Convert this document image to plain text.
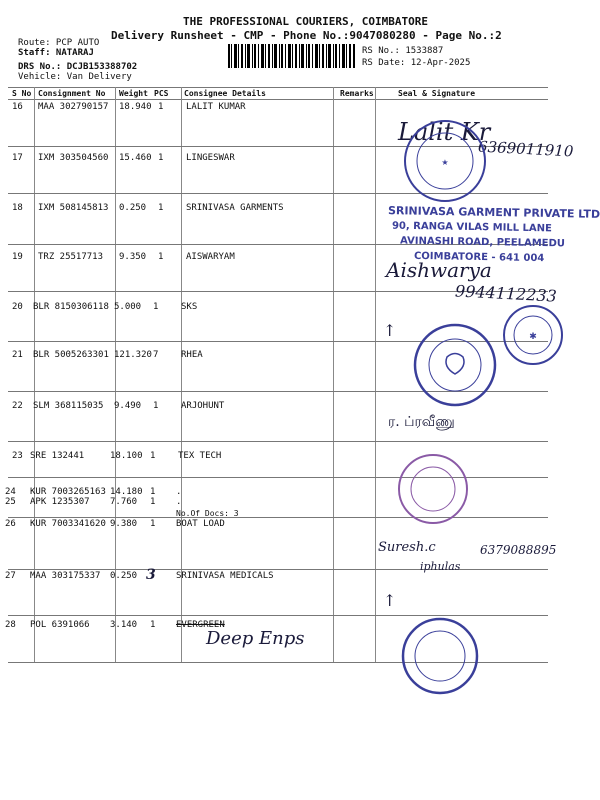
THE PROFESSIONAL COURIERS, COIMBATORE
Delivery Runsheet - CMP - Phone No.:9047080280 - Page No.:2
Route: PCP AUTO
Staff: NATARAJ
DRS No.: DCJB153388702
Vehicle: Van Delivery
RS No.: 1533887
RS Date: 12-Apr-2025
S No Consignment No Weight PCS Consignee Details	Remarks	Seal & Signature
16 MAA 302790157 18.940 1	LALIT KUMAR
17 IXM 303504560 15.460 1	LINGESWAR
18 IXM 508145813 0.250 1	SRINIVASA GARMENTS
19 TRZ 25517713 9.350 1	AISWARYAM
20 BLR 8150306118 5.000 1	SKS
21 BLR 5005263301 121.320 7	RHEA
22 SLM 368115035 9.490 1	ARJOHUNT
23 SRE 132441	18.100 1	TEX TECH
24 KUR 7003265163 14.180 1 .
25 APK 1235307 7.760 1 .
No.Of Docs: 3
26 KUR 7003341620 9.380 1 BOAT LOAD
27 MAA 303175337 0.250	SRINIVASA MEDICALS
3
28 POL 6391066 3.140 1 EVERGREEN
Lalit Kr
6369011910
Aishwarya
9944112233
ர. ப்ரவீணு
Suresh.c	6379088895
iphulas
Deep Enps
↑
↑
SRINIVASA GARMENT PRIVATE LTD
90, RANGA VILAS MILL LANE
AVINASHI ROAD, PEELAMEDU
COIMBATORE - 641 004
★
✱
